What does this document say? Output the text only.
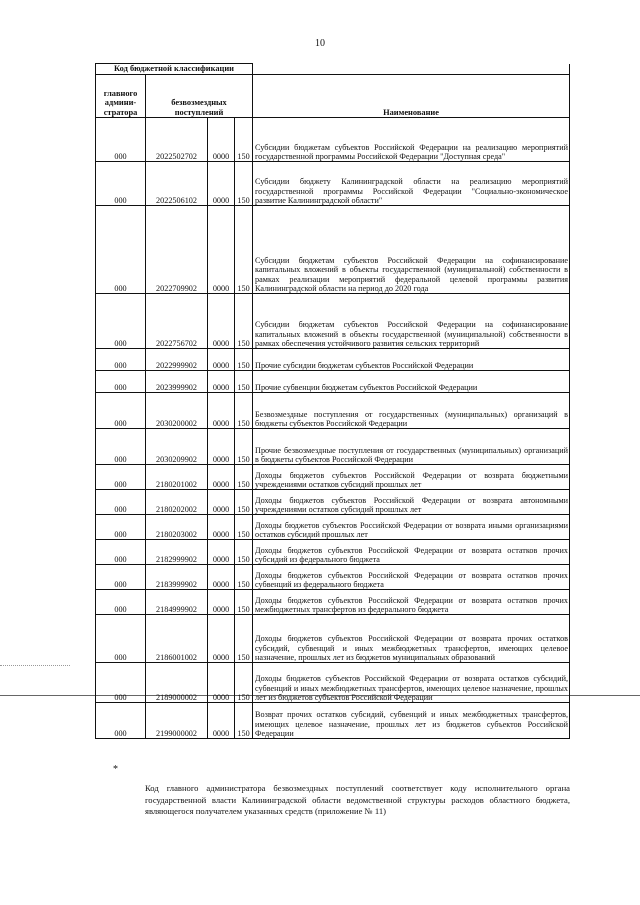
10
Код бюджетной классификации				
главного админи-стратора	безвозмездных поступлений			Наименование
000	2022502702	0000	150	Субсидии бюджетам субъектов Российской Федерации на реализацию мероприятий государственной программы Российской Федерации "Доступная среда"
000	2022506102	0000	150	Субсидии бюджету Калининградской области на реализацию мероприятий государственной программы Российской Федерации "Социально-экономическое развитие Калининградской области"
000	2022709902	0000	150	Субсидии бюджетам субъектов Российской Федерации на софинансирование капитальных вложений в объекты государственной (муниципальной) собственности в рамках реализации мероприятий федеральной целевой программы развития Калининградской области на период до 2020 года
000	2022756702	0000	150	Субсидии бюджетам субъектов Российской Федерации на софинансирование капитальных вложений в объекты государственной (муниципальной) собственности в рамках обеспечения устойчивого развития сельских территорий
000	2022999902	0000	150	Прочие субсидии бюджетам субъектов Российской Федерации
000	2023999902	0000	150	Прочие субвенции бюджетам субъектов Российской Федерации
000	2030200002	0000	150	Безвозмездные поступления от государственных (муниципальных) организаций в бюджеты субъектов Российской Федерации
000	2030209902	0000	150	Прочие безвозмездные поступления от государственных (муниципальных) организаций в бюджеты субъектов Российской Федерации
000	2180201002	0000	150	Доходы бюджетов субъектов Российской Федерации от возврата бюджетными учреждениями остатков субсидий прошлых лет
000	2180202002	0000	150	Доходы бюджетов субъектов Российской Федерации от возврата автономными учреждениями остатков субсидий прошлых лет
000	2180203002	0000	150	Доходы бюджетов субъектов Российской Федерации от возврата иными организациями остатков субсидий прошлых лет
000	2182999902	0000	150	Доходы бюджетов субъектов Российской Федерации от возврата остатков прочих субсидий из федерального бюджета
000	2183999902	0000	150	Доходы бюджетов субъектов Российской Федерации от возврата остатков прочих субвенций из федерального бюджета
000	2184999902	0000	150	Доходы бюджетов субъектов Российской Федерации от возврата остатков прочих межбюджетных трансфертов из федерального бюджета
000	2186001002	0000	150	Доходы бюджетов субъектов Российской Федерации от возврата прочих остатков субсидий, субвенций и иных межбюджетных трансфертов, имеющих целевое назначение, прошлых лет из бюджетов муниципальных образований
000	2189000002	0000	150	Доходы бюджетов субъектов Российской Федерации от возврата остатков субсидий, субвенций и иных межбюджетных трансфертов, имеющих целевое назначение, прошлых лет из бюджетов субъектов Российской Федерации
000	2199000002	0000	150	Возврат прочих остатков субсидий, субвенций и иных межбюджетных трансфертов, имеющих целевое назначение, прошлых лет из бюджетов субъектов Российской Федерации
*
Код главного администратора безвозмездных поступлений соответствует коду исполнительного органа государственной власти Калининградской области ведомственной структуры расходов областного бюджета, являющегося получателем указанных средств (приложение № 11)
